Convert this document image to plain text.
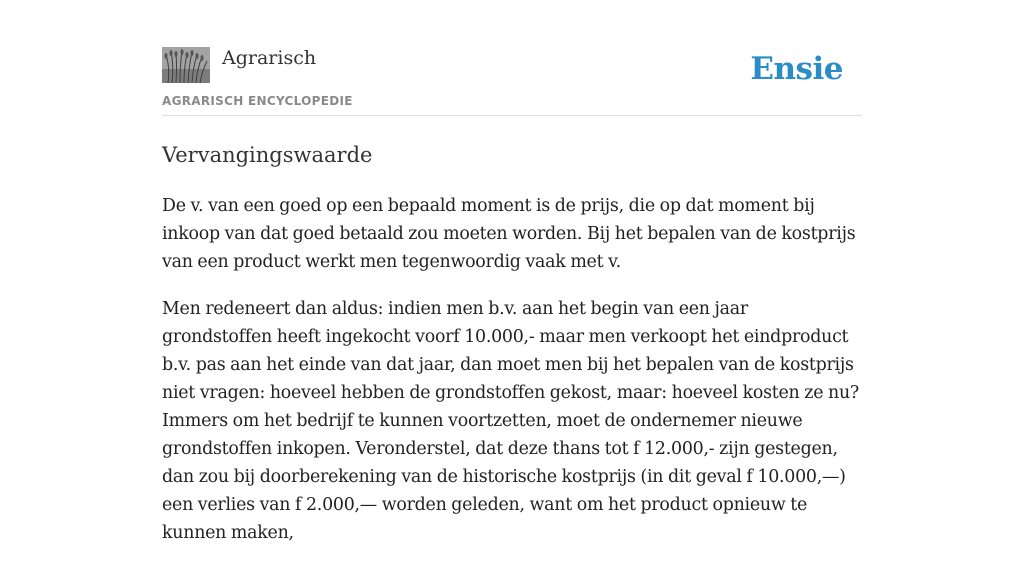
Agrarisch
AGRARISCH ENCYCLOPEDIE
Ensie
Vervangingswaarde

De v. van een goed op een bepaald moment is de prijs, die op dat moment bij inkoop van dat goed betaald zou moeten worden. Bij het bepalen van de kostprijs van een product werkt men tegenwoordig vaak met v.

Men redeneert dan aldus: indien men b.v. aan het begin van een jaar grondstoffen heeft ingekocht voorf 10.000,- maar men verkoopt het eindproduct b.v. pas aan het einde van dat jaar, dan moet men bij het bepalen van de kostprijs niet vragen: hoeveel hebben de grondstoffen gekost, maar: hoeveel kosten ze nu? Immers om het bedrijf te kunnen voortzetten, moet de ondernemer nieuwe grondstoffen inkopen. Veronderstel, dat deze thans tot f 12.000,- zijn gestegen, dan zou bij doorberekening van de historische kostprijs (in dit geval f 10.000,—) een verlies van f 2.000,— worden geleden, want om het product opnieuw te kunnen maken,
